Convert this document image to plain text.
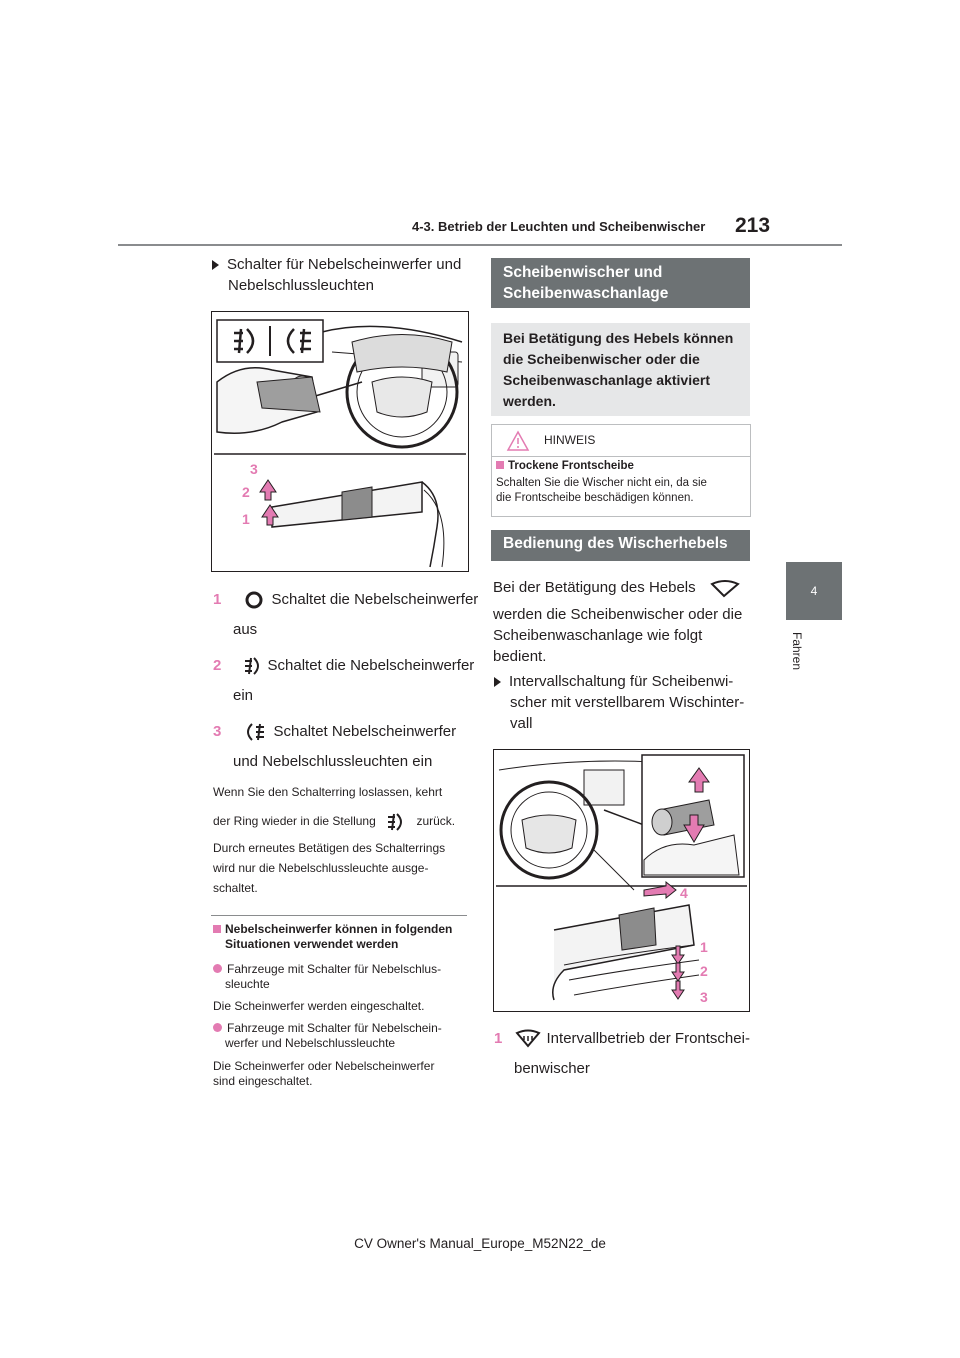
4-3. Betrieb der Leuchten und Scheibenwischer 213
4
Fahren
Schalter für Nebelscheinwerfer und
Nebelschlussleuchten
3
2
1
1	Schaltet die Nebelscheinwerfer
aus
2	Schaltet die Nebelscheinwerfer
ein
3	Schaltet Nebelscheinwerfer
und Nebelschlussleuchten ein
Wenn Sie den Schalterring loslassen, kehrt
der Ring wieder in die Stellung	zurück.
Durch erneutes Betätigen des Schalterrings
wird nur die Nebelschlussleuchte ausge-
schaltet.
Nebelscheinwerfer können in folgenden
Situationen verwendet werden
Fahrzeuge mit Schalter für Nebelschlus-
sleuchte
Die Scheinwerfer werden eingeschaltet.
Fahrzeuge mit Schalter für Nebelschein-
werfer und Nebelschlussleuchte
Die Scheinwerfer oder Nebelscheinwerfer
sind eingeschaltet.
Scheibenwischer und
Scheibenwaschanlage
Bei Betätigung des Hebels können
die Scheibenwischer oder die
Scheibenwaschanlage aktiviert
werden.
HINWEIS
Trockene Frontscheibe
Schalten Sie die Wischer nicht ein, da sie
die Frontscheibe beschädigen können.
Bedienung des Wischerhebels
Bei der Betätigung des Hebels
werden die Scheibenwischer oder die
Scheibenwaschanlage wie folgt
bedient.
Intervallschaltung für Scheibenwi-
scher mit verstellbarem Wischinter-
vall
4
1
2
3
1	Intervallbetrieb der Frontschei-
benwischer
CV Owner's Manual_Europe_M52N22_de
